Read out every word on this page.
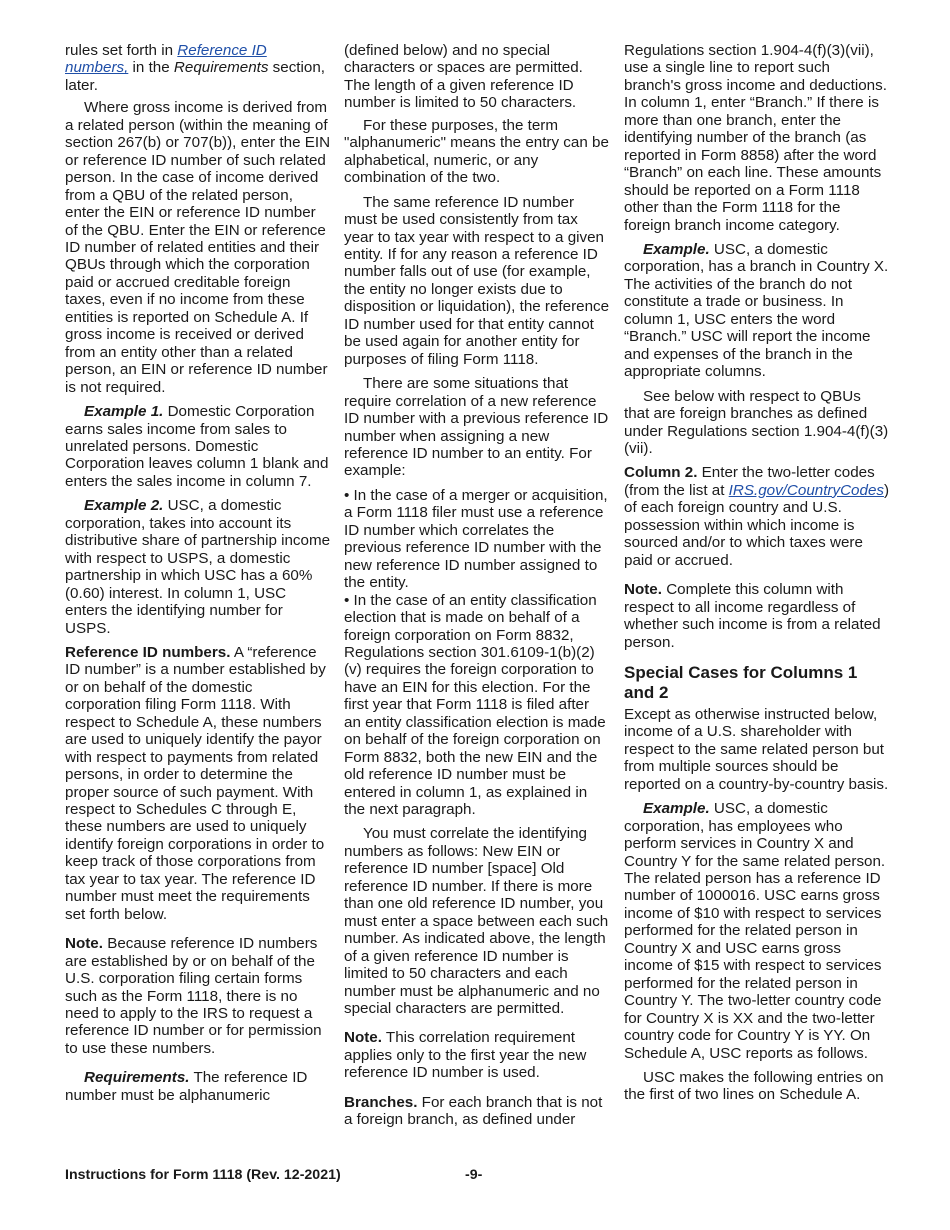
rules set forth in Reference ID numbers, in the Requirements section, later.

Where gross income is derived from a related person (within the meaning of section 267(b) or 707(b)), enter the EIN or reference ID number of such related person. In the case of income derived from a QBU of the related person, enter the EIN or reference ID number of the QBU. Enter the EIN or reference ID number of related entities and their QBUs through which the corporation paid or accrued creditable foreign taxes, even if no income from these entities is reported on Schedule A. If gross income is received or derived from an entity other than a related person, an EIN or reference ID number is not required.

Example 1. Domestic Corporation earns sales income from sales to unrelated persons. Domestic Corporation leaves column 1 blank and enters the sales income in column 7.

Example 2. USC, a domestic corporation, takes into account its distributive share of partnership income with respect to USPS, a domestic partnership in which USC has a 60% (0.60) interest. In column 1, USC enters the identifying number for USPS.

Reference ID numbers. A “reference ID number” is a number established by or on behalf of the domestic corporation filing Form 1118. With respect to Schedule A, these numbers are used to uniquely identify the payor with respect to payments from related persons, in order to determine the proper source of such payment. With respect to Schedules C through E, these numbers are used to uniquely identify foreign corporations in order to keep track of those corporations from tax year to tax year. The reference ID number must meet the requirements set forth below.

Note. Because reference ID numbers are established by or on behalf of the U.S. corporation filing certain forms such as the Form 1118, there is no need to apply to the IRS to request a reference ID number or for permission to use these numbers.

Requirements. The reference ID number must be alphanumeric

(defined below) and no special characters or spaces are permitted. The length of a given reference ID number is limited to 50 characters.

For these purposes, the term "alphanumeric" means the entry can be alphabetical, numeric, or any combination of the two.

The same reference ID number must be used consistently from tax year to tax year with respect to a given entity. If for any reason a reference ID number falls out of use (for example, the entity no longer exists due to disposition or liquidation), the reference ID number used for that entity cannot be used again for another entity for purposes of filing Form 1118.

There are some situations that require correlation of a new reference ID number with a previous reference ID number when assigning a new reference ID number to an entity. For example:

• In the case of a merger or acquisition, a Form 1118 filer must use a reference ID number which correlates the previous reference ID number with the new reference ID number assigned to the entity.

• In the case of an entity classification election that is made on behalf of a foreign corporation on Form 8832, Regulations section 301.6109-1(b)(2)(v) requires the foreign corporation to have an EIN for this election. For the first year that Form 1118 is filed after an entity classification election is made on behalf of the foreign corporation on Form 8832, both the new EIN and the old reference ID number must be entered in column 1, as explained in the next paragraph.

You must correlate the identifying numbers as follows: New EIN or reference ID number [space] Old reference ID number. If there is more than one old reference ID number, you must enter a space between each such number. As indicated above, the length of a given reference ID number is limited to 50 characters and each number must be alphanumeric and no special characters are permitted.

Note. This correlation requirement applies only to the first year the new reference ID number is used.

Branches. For each branch that is not a foreign branch, as defined under

Regulations section 1.904-4(f)(3)(vii), use a single line to report such branch's gross income and deductions. In column 1, enter “Branch.” If there is more than one branch, enter the identifying number of the branch (as reported in Form 8858) after the word “Branch” on each line. These amounts should be reported on a Form 1118 other than the Form 1118 for the foreign branch income category.

Example. USC, a domestic corporation, has a branch in Country X. The activities of the branch do not constitute a trade or business. In column 1, USC enters the word “Branch.” USC will report the income and expenses of the branch in the appropriate columns.

See below with respect to QBUs that are foreign branches as defined under Regulations section 1.904-4(f)(3)(vii).

Column 2. Enter the two-letter codes (from the list at IRS.gov/CountryCodes) of each foreign country and U.S. possession within which income is sourced and/or to which taxes were paid or accrued.

Note. Complete this column with respect to all income regardless of whether such income is from a related person.

Special Cases for Columns 1 and 2

Except as otherwise instructed below, income of a U.S. shareholder with respect to the same related person but from multiple sources should be reported on a country-by-country basis.

Example. USC, a domestic corporation, has employees who perform services in Country X and Country Y for the same related person. The related person has a reference ID number of 1000016. USC earns gross income of $10 with respect to services performed for the related person in Country X and USC earns gross income of $15 with respect to services performed for the related person in Country Y. The two-letter country code for Country X is XX and the two-letter country code for Country Y is YY. On Schedule A, USC reports as follows.

USC makes the following entries on the first of two lines on Schedule A.

Instructions for Form 1118 (Rev. 12-2021)	-9-
